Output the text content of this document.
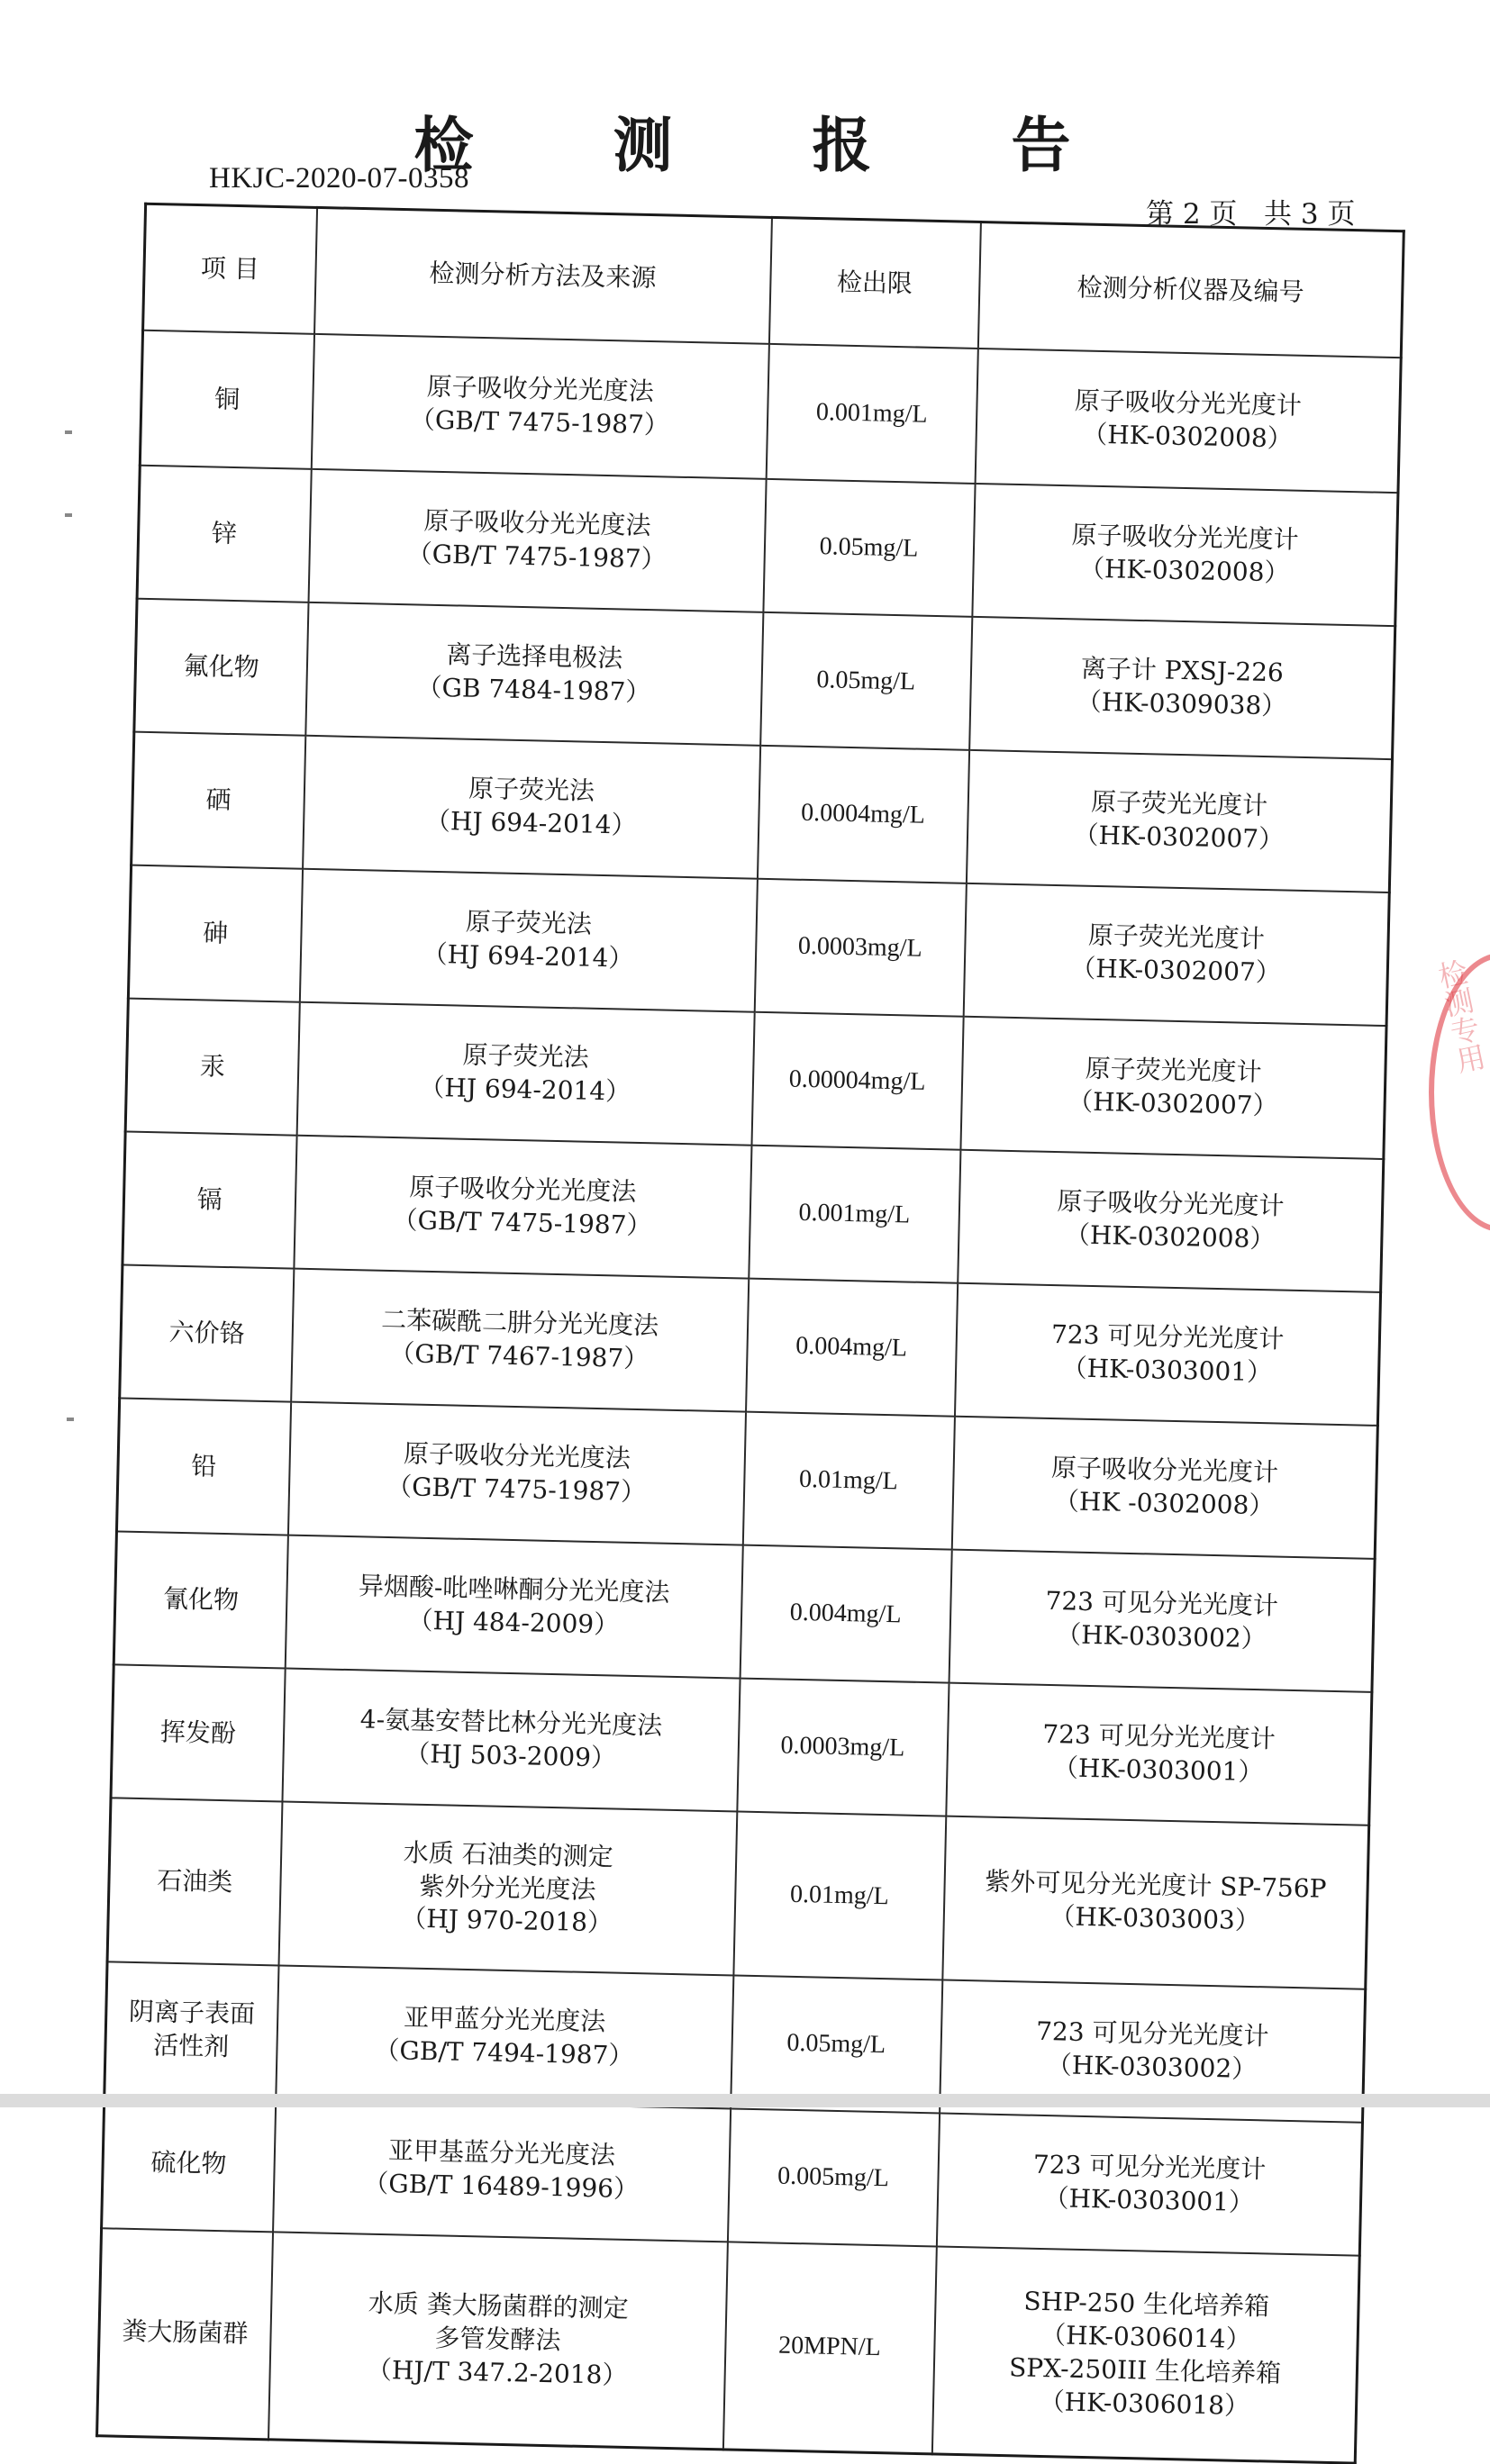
检 测 报 告
HKJC-2020-07-0358
第 2 页   共 3 页
项 目	检测分析方法及来源	检出限	检测分析仪器及编号

铜	原子吸收分光光度法
（GB/T 7475-1987）	0.001mg/L	原子吸收分光光度计
（HK-0302008）

锌	原子吸收分光光度法
（GB/T 7475-1987）	0.05mg/L	原子吸收分光光度计
（HK-0302008）

氟化物	离子选择电极法
（GB 7484-1987）	0.05mg/L	离子计 PXSJ-226
（HK-0309038）

硒	原子荧光法
（HJ 694-2014）	0.0004mg/L	原子荧光光度计
（HK-0302007）

砷	原子荧光法
（HJ 694-2014）	0.0003mg/L	原子荧光光度计
（HK-0302007）

汞	原子荧光法
（HJ 694-2014）	0.00004mg/L	原子荧光光度计
（HK-0302007）

镉	原子吸收分光光度法
（GB/T 7475-1987）	0.001mg/L	原子吸收分光光度计
（HK-0302008）

六价铬	二苯碳酰二肼分光光度法
（GB/T 7467-1987）	0.004mg/L	723 可见分光光度计
（HK-0303001）

铅	原子吸收分光光度法
（GB/T 7475-1987）	0.01mg/L	原子吸收分光光度计
（HK -0302008）

氰化物	异烟酸-吡唑啉酮分光光度法
（HJ 484-2009）	0.004mg/L	723 可见分光光度计
（HK-0303002）

挥发酚	4-氨基安替比林分光光度法
（HJ 503-2009）	0.0003mg/L	723 可见分光光度计
（HK-0303001）

石油类	水质 石油类的测定
紫外分光光度法
（HJ 970-2018）	0.01mg/L	紫外可见分光光度计 SP-756P
（HK-0303003）

阴离子表面
活性剂	亚甲蓝分光光度法
（GB/T 7494-1987）	0.05mg/L	723 可见分光光度计
（HK-0303002）

硫化物	亚甲基蓝分光光度法
（GB/T 16489-1996）	0.005mg/L	723 可见分光光度计
（HK-0303001）

粪大肠菌群	水质 粪大肠菌群的测定
多管发酵法
（HJ/T 347.2-2018）	20MPN/L	SHP-250 生化培养箱
（HK-0306014）
SPX-250III 生化培养箱
（HK-0306018）
检测专用
